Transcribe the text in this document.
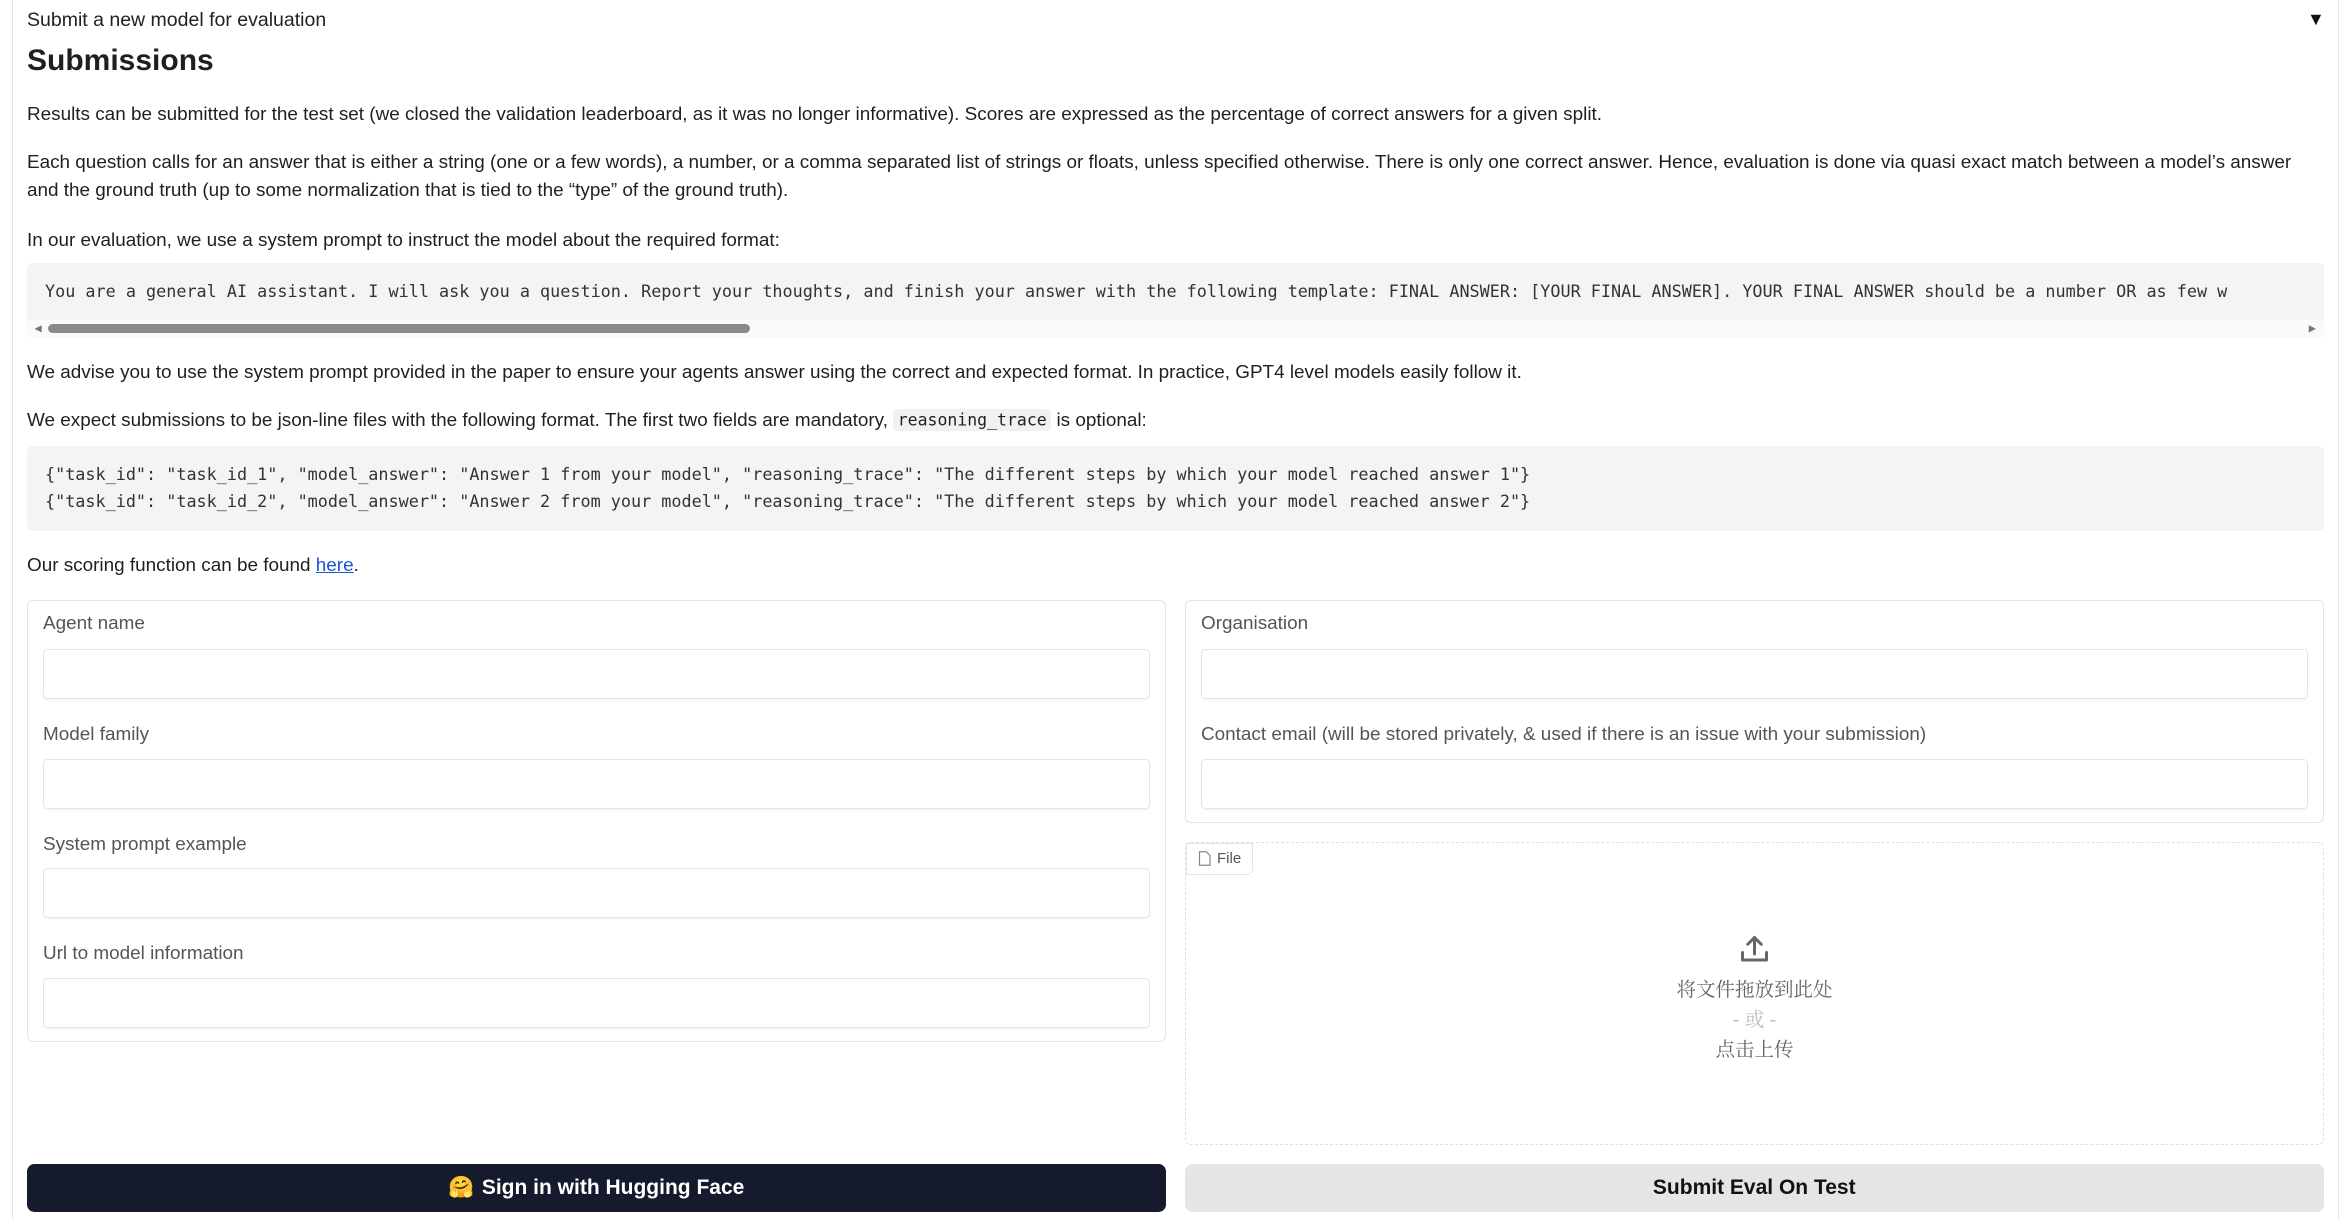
Submit a new model for evaluation	▼
Submissions

Results can be submitted for the test set (we closed the validation leaderboard, as it was no longer informative). Scores are expressed as the percentage of correct answers for a given split.

Each question calls for an answer that is either a string (one or a few words), a number, or a comma separated list of strings or floats, unless specified otherwise. There is only one correct answer. Hence, evaluation is done via quasi exact match between a model’s answer and the ground truth (up to some normalization that is tied to the “type” of the ground truth).

In our evaluation, we use a system prompt to instruct the model about the required format:

You are a general AI assistant. I will ask you a question. Report your thoughts, and finish your answer with the following template: FINAL ANSWER: [YOUR FINAL ANSWER]. YOUR FINAL ANSWER should be a number OR as few w
◀	▶

We advise you to use the system prompt provided in the paper to ensure your agents answer using the correct and expected format. In practice, GPT4 level models easily follow it.

We expect submissions to be json-line files with the following format. The first two fields are mandatory, reasoning_trace is optional:

{"task_id": "task_id_1", "model_answer": "Answer 1 from your model", "reasoning_trace": "The different steps by which your model reached answer 1"}
{"task_id": "task_id_2", "model_answer": "Answer 2 from your model", "reasoning_trace": "The different steps by which your model reached answer 2"}

Our scoring function can be found here.

Agent name
Model family
System prompt example
Url to model information
Organisation
Contact email (will be stored privately, & used if there is an issue with your submission)
File
将文件拖放到此处
- 或 -
点击上传
🤗 Sign in with Hugging Face	Submit Eval On Test
